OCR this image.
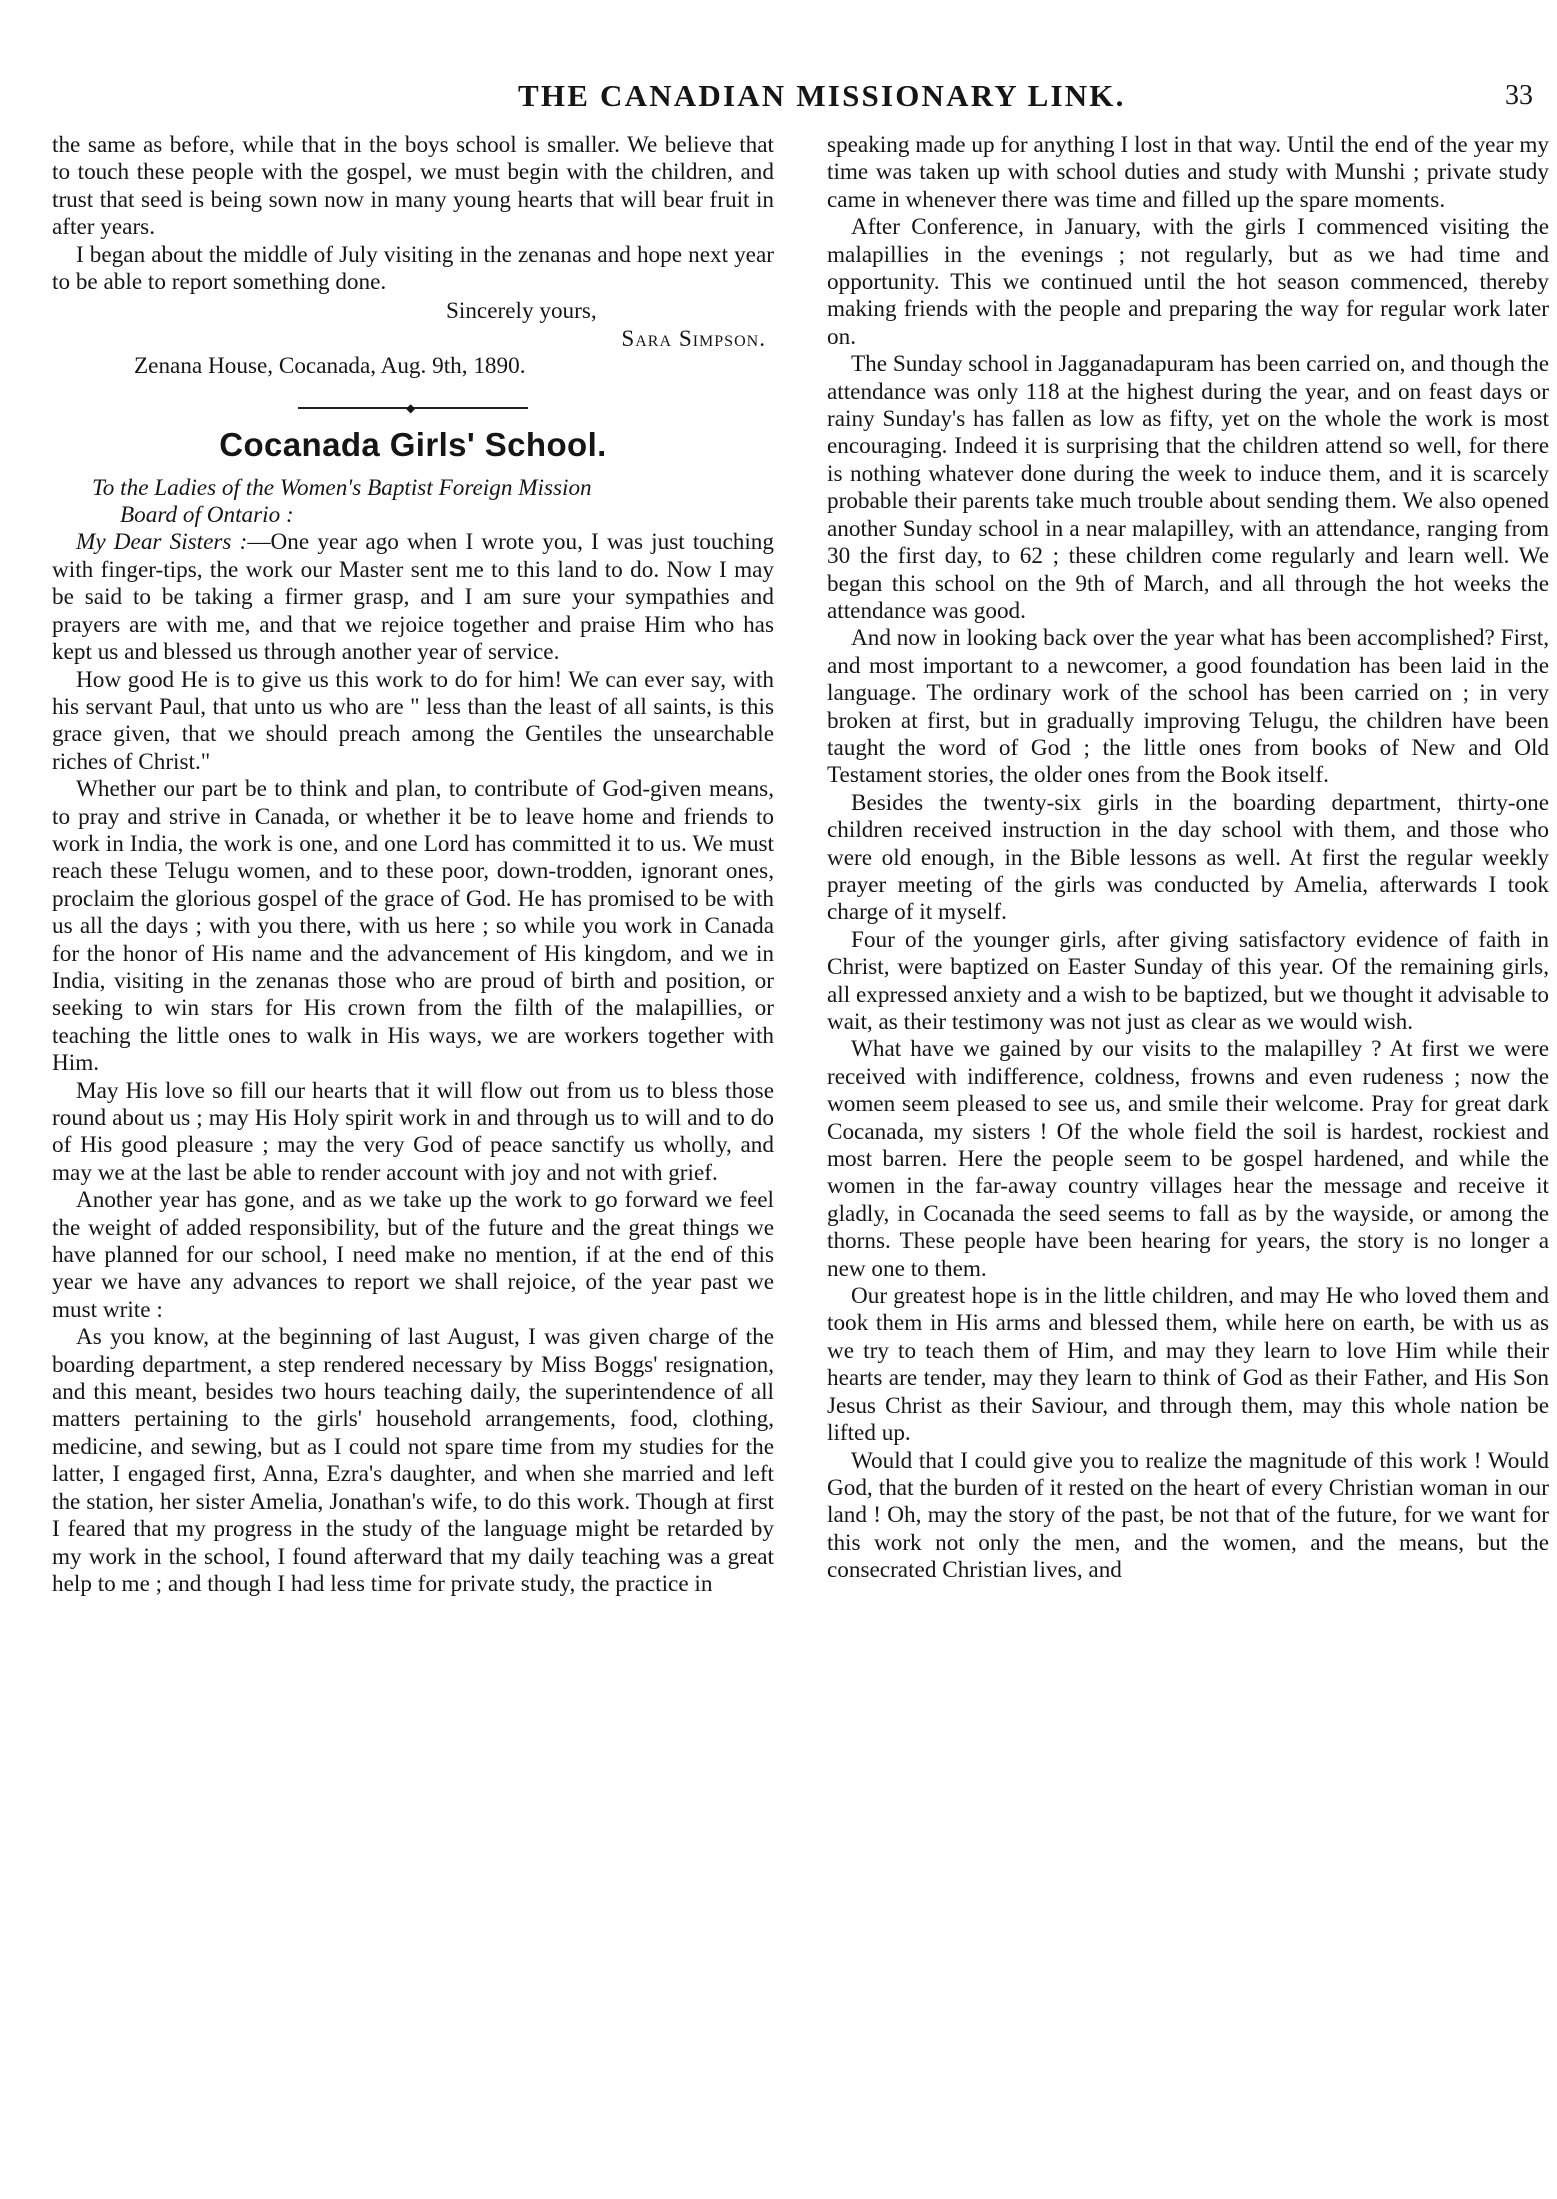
THE CANADIAN MISSIONARY LINK.	33

the same as before, while that in the boys school is smaller. We believe that to touch these people with the gospel, we must begin with the children, and trust that seed is being sown now in many young hearts that will bear fruit in after years.

I began about the middle of July visiting in the zenanas and hope next year to be able to report something done.

Sincerely yours,

Sara Simpson.

Zenana House, Cocanada, Aug. 9th, 1890.

◆
Cocanada Girls' School.

To the Ladies of the Women's Baptist Foreign Mission
Board of Ontario :

My Dear Sisters :—One year ago when I wrote you, I was just touching with finger-tips, the work our Master sent me to this land to do. Now I may be said to be taking a firmer grasp, and I am sure your sympathies and prayers are with me, and that we rejoice together and praise Him who has kept us and blessed us through another year of service.

How good He is to give us this work to do for him! We can ever say, with his servant Paul, that unto us who are " less than the least of all saints, is this grace given, that we should preach among the Gentiles the unsearchable riches of Christ."

Whether our part be to think and plan, to contribute of God-given means, to pray and strive in Canada, or whether it be to leave home and friends to work in India, the work is one, and one Lord has committed it to us. We must reach these Telugu women, and to these poor, down-trodden, ignorant ones, proclaim the glorious gospel of the grace of God. He has promised to be with us all the days ; with you there, with us here ; so while you work in Canada for the honor of His name and the advancement of His kingdom, and we in India, visiting in the zenanas those who are proud of birth and position, or seeking to win stars for His crown from the filth of the malapillies, or teaching the little ones to walk in His ways, we are workers together with Him.

May His love so fill our hearts that it will flow out from us to bless those round about us ; may His Holy spirit work in and through us to will and to do of His good pleasure ; may the very God of peace sanctify us wholly, and may we at the last be able to render account with joy and not with grief.

Another year has gone, and as we take up the work to go forward we feel the weight of added responsibility, but of the future and the great things we have planned for our school, I need make no mention, if at the end of this year we have any advances to report we shall rejoice, of the year past we must write :

As you know, at the beginning of last August, I was given charge of the boarding department, a step rendered necessary by Miss Boggs' resignation, and this meant, besides two hours teaching daily, the superintendence of all matters pertaining to the girls' household arrangements, food, clothing, medicine, and sewing, but as I could not spare time from my studies for the latter, I engaged first, Anna, Ezra's daughter, and when she married and left the station, her sister Amelia, Jonathan's wife, to do this work. Though at first I feared that my progress in the study of the language might be retarded by my work in the school, I found afterward that my daily teaching was a great help to me ; and though I had less time for private study, the practice in

speaking made up for anything I lost in that way. Until the end of the year my time was taken up with school duties and study with Munshi ; private study came in whenever there was time and filled up the spare moments.

After Conference, in January, with the girls I commenced visiting the malapillies in the evenings ; not regularly, but as we had time and opportunity. This we continued until the hot season commenced, thereby making friends with the people and preparing the way for regular work later on.

The Sunday school in Jagganadapuram has been carried on, and though the attendance was only 118 at the highest during the year, and on feast days or rainy Sunday's has fallen as low as fifty, yet on the whole the work is most encouraging. Indeed it is surprising that the children attend so well, for there is nothing whatever done during the week to induce them, and it is scarcely probable their parents take much trouble about sending them. We also opened another Sunday school in a near malapilley, with an attendance, ranging from 30 the first day, to 62 ; these children come regularly and learn well. We began this school on the 9th of March, and all through the hot weeks the attendance was good.

And now in looking back over the year what has been accomplished? First, and most important to a newcomer, a good foundation has been laid in the language. The ordinary work of the school has been carried on ; in very broken at first, but in gradually improving Telugu, the children have been taught the word of God ; the little ones from books of New and Old Testament stories, the older ones from the Book itself.

Besides the twenty-six girls in the boarding department, thirty-one children received instruction in the day school with them, and those who were old enough, in the Bible lessons as well. At first the regular weekly prayer meeting of the girls was conducted by Amelia, afterwards I took charge of it myself.

Four of the younger girls, after giving satisfactory evidence of faith in Christ, were baptized on Easter Sunday of this year. Of the remaining girls, all expressed anxiety and a wish to be baptized, but we thought it advisable to wait, as their testimony was not just as clear as we would wish.

What have we gained by our visits to the malapilley ? At first we were received with indifference, coldness, frowns and even rudeness ; now the women seem pleased to see us, and smile their welcome. Pray for great dark Cocanada, my sisters ! Of the whole field the soil is hardest, rockiest and most barren. Here the people seem to be gospel hardened, and while the women in the far-away country villages hear the message and receive it gladly, in Cocanada the seed seems to fall as by the wayside, or among the thorns. These people have been hearing for years, the story is no longer a new one to them.

Our greatest hope is in the little children, and may He who loved them and took them in His arms and blessed them, while here on earth, be with us as we try to teach them of Him, and may they learn to love Him while their hearts are tender, may they learn to think of God as their Father, and His Son Jesus Christ as their Saviour, and through them, may this whole nation be lifted up.

Would that I could give you to realize the magnitude of this work ! Would God, that the burden of it rested on the heart of every Christian woman in our land ! Oh, may the story of the past, be not that of the future, for we want for this work not only the men, and the women, and the means, but the consecrated Christian lives, and
